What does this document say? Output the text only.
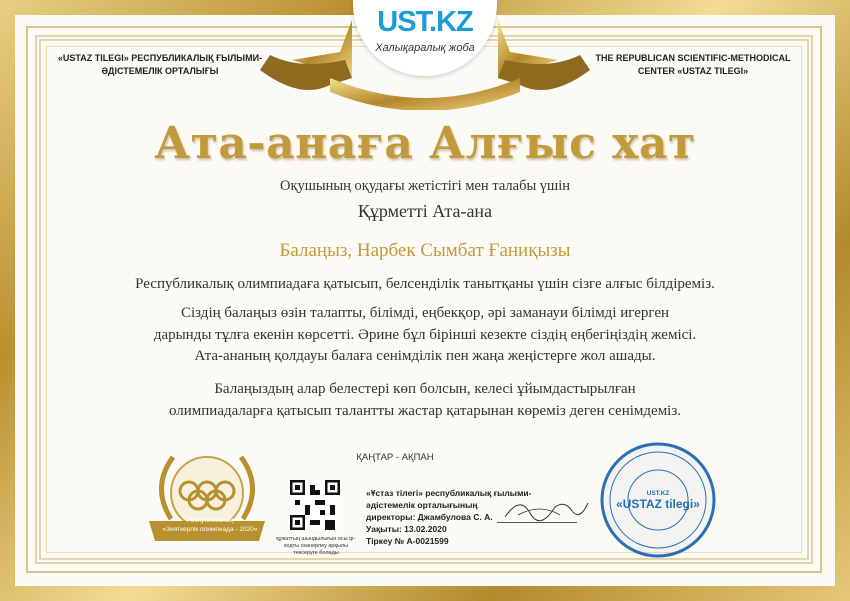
«USTAZ TILEGI» РЕСПУБЛИКАЛЫҚ ҒЫЛЫМИ-ӘДІСТЕМЕЛІК ОРТАЛЫҒЫ
THE REPUBLICAN SCIENTIFIC-METHODICAL CENTER «USTAZ TILEGI»
UST.KZ
Халықаралық жоба
Ата-анаға Алғыс хат
Оқушының оқудағы жетістігі мен талабы үшін
Құрметті Ата-ана
Балаңыз, Нарбек Сымбат Ғаниқызы
Республикалық олимпиадаға қатысып, белсенділік танытқаны үшін сізге алғыс білдіреміз.
Сіздің балаңыз өзін талапты, білімді, еңбекқор, әрі заманауи білімді игерген
дарынды тұлға екенін көрсетті. Әрине бұл бірінші кезекте сіздің еңбегіңіздің жемісі.
Ата-ананың қолдауы балаға сенімділік пен жаңа жеңістерге жол ашады.
Балаңыздың алар белестері көп болсын, келесі ұйымдастырылған
олимпиадаларға қатысып талантты жастар қатарынан көреміз деген сенімдеміз.
ҚАҢТАР - АҚПАН
Республикалық
«Зияткерлік олимпиада - 2020»
құжаттың шындылығын осы qr-кодты сканерлеу арқылы тексеруге болады
«Ұстаз тілегі» республикалық ғылыми-
әдістемелік орталығының
директоры: Джамбулова С. А.
Уақыты: 13.02.2020
Тіркеу № А-0021599
UST.KZ
«USTAZ tilegi»
